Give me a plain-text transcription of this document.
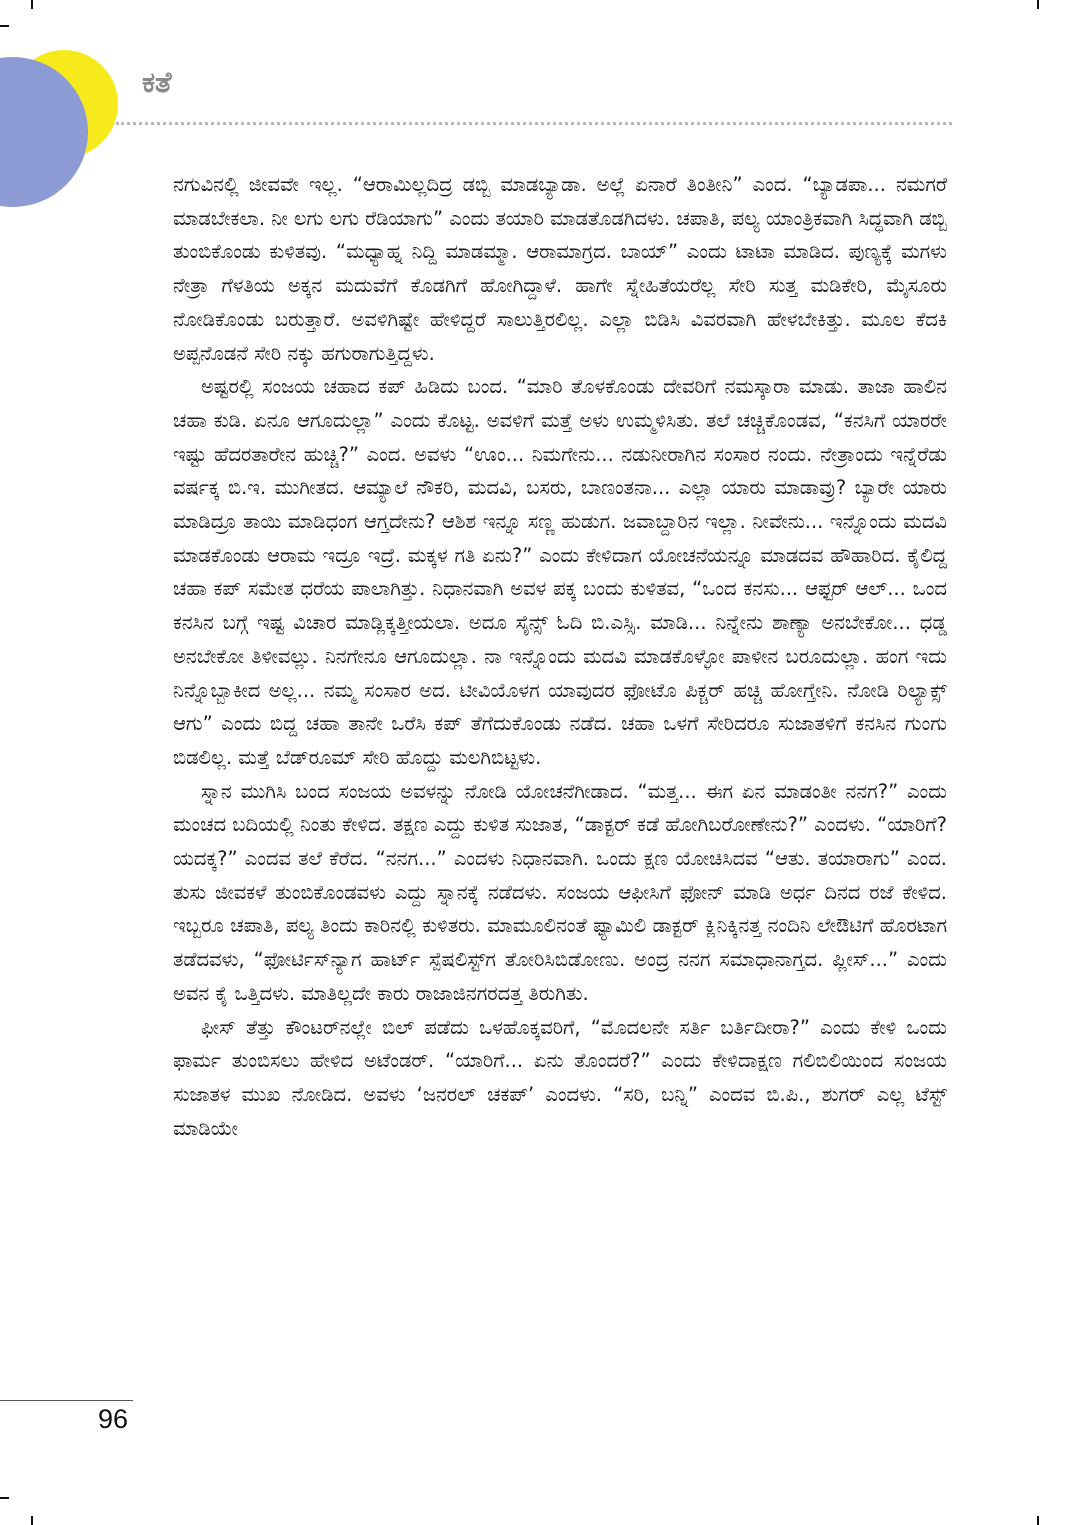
ಕತೆ

ನಗುವಿನಲ್ಲಿ ಜೀವವೇ ಇಲ್ಲ. “ಆರಾಮಿಲ್ಲದಿದ್ರ ಡಬ್ಬಿ ಮಾಡಬ್ಯಾಡಾ. ಅಲ್ಲೆ ಏನಾರೆ ತಿಂತೀನಿ” ಎಂದ. “ಬ್ಯಾಡಪಾ... ನಮಗರೆ ಮಾಡಬೇಕಲಾ. ನೀ ಲಗು ಲಗು ರೆಡಿಯಾಗು” ಎಂದು ತಯಾರಿ ಮಾಡತೊಡಗಿದಳು. ಚಪಾತಿ, ಪಲ್ಯ ಯಾಂತ್ರಿಕವಾಗಿ ಸಿದ್ಧವಾಗಿ ಡಬ್ಬಿ ತುಂಬಿಕೊಂಡು ಕುಳಿತವು. “ಮಧ್ಯಾಹ್ನ ನಿದ್ದಿ ಮಾಡಮ್ಮಾ. ಆರಾಮಾಗ್ರದ. ಬಾಯ್” ಎಂದು ಟಾಟಾ ಮಾಡಿದ. ಪುಣ್ಯಕ್ಕೆ ಮಗಳು ನೇತ್ರಾ ಗೆಳತಿಯ ಅಕ್ಕನ ಮದುವೆಗೆ ಕೊಡಗಿಗೆ ಹೋಗಿದ್ದಾಳೆ. ಹಾಗೇ ಸ್ನೇಹಿತೆಯರೆಲ್ಲ ಸೇರಿ ಸುತ್ತ ಮಡಿಕೇರಿ, ಮೈಸೂರು ನೋಡಿಕೊಂಡು ಬರುತ್ತಾರೆ. ಅವಳಿಗಿಷ್ಟೇ ಹೇಳಿದ್ದರೆ ಸಾಲುತ್ತಿರಲಿಲ್ಲ. ಎಲ್ಲಾ ಬಿಡಿಸಿ ವಿವರವಾಗಿ ಹೇಳಬೇಕಿತ್ತು. ಮೂಲ ಕೆದಕಿ ಅಪ್ಪನೊಡನೆ ಸೇರಿ ನಕ್ಕು ಹಗುರಾಗುತ್ತಿದ್ದಳು.

ಅಷ್ಟರಲ್ಲಿ ಸಂಜಯ ಚಹಾದ ಕಪ್ ಹಿಡಿದು ಬಂದ. “ಮಾರಿ ತೊಳಕೊಂಡು ದೇವರಿಗೆ ನಮಸ್ಕಾರಾ ಮಾಡು. ತಾಜಾ ಹಾಲಿನ ಚಹಾ ಕುಡಿ. ಏನೂ ಆಗೂದುಲ್ಲಾ” ಎಂದು ಕೊಟ್ಟ. ಅವಳಿಗೆ ಮತ್ತೆ ಅಳು ಉಮ್ಮಳಿಸಿತು. ತಲೆ ಚಚ್ಚಿಕೊಂಡವ, “ಕನಸಿಗೆ ಯಾರರೇ ಇಷ್ಟು ಹೆದರತಾರೇನ ಹುಚ್ಚಿ?” ಎಂದ. ಅವಳು “ಊಂ... ನಿಮಗೇನು... ನಡುನೀರಾಗಿನ ಸಂಸಾರ ನಂದು. ನೇತ್ರಾಂದು ಇನ್ನೆರೆಡು ವರ್ಷಕ್ಕ ಬಿ.ಇ. ಮುಗೀತದ. ಆಮ್ಯಾಲೆ ನೌಕರಿ, ಮದವಿ, ಬಸರು, ಬಾಣಂತನಾ... ಎಲ್ಲಾ ಯಾರು ಮಾಡಾವ್ರು? ಬ್ಯಾರೇ ಯಾರು ಮಾಡಿದ್ರೂ ತಾಯಿ ಮಾಡಿಧಂಗ ಆಗ್ತದೇನು? ಆಶಿಶ ಇನ್ನೂ ಸಣ್ಣ ಹುಡುಗ. ಜವಾಬ್ದಾರಿನ ಇಲ್ಲಾ. ನೀವೇನು... ಇನ್ನೊಂದು ಮದವಿ ಮಾಡಕೊಂಡು ಆರಾಮ ಇದ್ರೂ ಇದ್ರೆ. ಮಕ್ಕಳ ಗತಿ ಏನು?” ಎಂದು ಕೇಳಿದಾಗ ಯೋಚನೆಯನ್ನೂ ಮಾಡದವ ಹೌಹಾರಿದ. ಕೈಲಿದ್ದ ಚಹಾ ಕಪ್ ಸಮೇತ ಧರೆಯ ಪಾಲಾಗಿತ್ತು. ನಿಧಾನವಾಗಿ ಅವಳ ಪಕ್ಕ ಬಂದು ಕುಳಿತವ, “ಒಂದ ಕನಸು... ಆಫ್ಟರ್ ಆಲ್... ಒಂದ ಕನಸಿನ ಬಗ್ಗೆ ಇಷ್ಟ ವಿಚಾರ ಮಾಡ್ಲಿಕ್ಕತ್ತೀಯಲಾ. ಅದೂ ಸೈನ್ಸ್ ಓದಿ ಬಿ.ಎಸ್ಸಿ. ಮಾಡಿ... ನಿನ್ನೇನು ಶಾಣ್ಯಾ ಅನಬೇಕೋ... ಧಡ್ಡ ಅನಬೇಕೋ ತಿಳೀವಲ್ಲು. ನಿನಗೇನೂ ಆಗೂದುಲ್ಲಾ. ನಾ ಇನ್ನೊಂದು ಮದವಿ ಮಾಡಕೊಳ್ಳೋ ಪಾಳೀನ ಬರೂದುಲ್ಲಾ. ಹಂಗ ಇದು ನಿನ್ನೊಬ್ಬಾಕೀದ ಅಲ್ಲ... ನಮ್ಮ ಸಂಸಾರ ಅದ. ಟೀವಿಯೊಳಗ ಯಾವುದರ ಫೋಟೊ ಪಿಕ್ಚರ್ ಹಚ್ಚಿ ಹೋಗ್ತೇನಿ. ನೋಡಿ ರಿಲ್ಯಾಕ್ಸ್ ಆಗು” ಎಂದು ಬಿದ್ದ ಚಹಾ ತಾನೇ ಒರೆಸಿ ಕಪ್ ತೆಗೆದುಕೊಂಡು ನಡೆದ. ಚಹಾ ಒಳಗೆ ಸೇರಿದರೂ ಸುಜಾತಳಿಗೆ ಕನಸಿನ ಗುಂಗು ಬಿಡಲಿಲ್ಲ. ಮತ್ತೆ ಬೆಡ್‌ರೂಮ್ ಸೇರಿ ಹೊದ್ದು ಮಲಗಿಬಿಟ್ಟಳು.

ಸ್ನಾನ ಮುಗಿಸಿ ಬಂದ ಸಂಜಯ ಅವಳನ್ನು ನೋಡಿ ಯೋಚನೆಗೀಡಾದ. “ಮತ್ತ... ಈಗ ಏನ ಮಾಡಂತೀ ನನಗ?” ಎಂದು ಮಂಚದ ಬದಿಯಲ್ಲಿ ನಿಂತು ಕೇಳಿದ. ತಕ್ಷಣ ಎದ್ದು ಕುಳಿತ ಸುಜಾತ, “ಡಾಕ್ಟರ್ ಕಡೆ ಹೋಗಿಬರೋಣೇನು?” ಎಂದಳು. “ಯಾರಿಗೆ? ಯದಕ್ಕ?” ಎಂದವ ತಲೆ ಕೆರೆದ. “ನನಗ...” ಎಂದಳು ನಿಧಾನವಾಗಿ. ಒಂದು ಕ್ಷಣ ಯೋಚಿಸಿದವ “ಆತು. ತಯಾರಾಗು” ಎಂದ. ತುಸು ಜೀವಕಳೆ ತುಂಬಿಕೊಂಡವಳು ಎದ್ದು ಸ್ನಾನಕ್ಕೆ ನಡೆದಳು. ಸಂಜಯ ಆಫೀಸಿಗೆ ಫೋನ್ ಮಾಡಿ ಅರ್ಧ ದಿನದ ರಜೆ ಕೇಳಿದ. ಇಬ್ಬರೂ ಚಪಾತಿ, ಪಲ್ಯ ತಿಂದು ಕಾರಿನಲ್ಲಿ ಕುಳಿತರು. ಮಾಮೂಲಿನಂತೆ ಫ್ಯಾಮಿಲಿ ಡಾಕ್ಟರ್ ಕ್ಲಿನಿಕ್ಕಿನತ್ತ ನಂದಿನಿ ಲೇಔಟಿಗೆ ಹೊರಟಾಗ ತಡೆದವಳು, “ಫೋರ್ಟಿಸ್‌ನ್ಯಾಗ ಹಾರ್ಟ್ ಸ್ಪೆಷಲಿಸ್ಟ್‌ಗ ತೋರಿಸಿಬಿಡೋಣು. ಅಂದ್ರ ನನಗ ಸಮಾಧಾನಾಗ್ತದ. ಪ್ಲೀಸ್...” ಎಂದು ಅವನ ಕೈ ಒತ್ತಿದಳು. ಮಾತಿಲ್ಲದೇ ಕಾರು ರಾಜಾಜಿನಗರದತ್ತ ತಿರುಗಿತು.

ಫೀಸ್ ತೆತ್ತು ಕೌಂಟರ್‌ನಲ್ಲೇ ಬಿಲ್ ಪಡೆದು ಒಳಹೊಕ್ಕವರಿಗೆ, “ಮೊದಲನೇ ಸರ್ತಿ ಬರ್ತಿದೀರಾ?” ಎಂದು ಕೇಳಿ ಒಂದು ಫಾರ್ಮ ತುಂಬಿಸಲು ಹೇಳಿದ ಅಟೆಂಡರ್. “ಯಾರಿಗೆ... ಏನು ತೊಂದರೆ?” ಎಂದು ಕೇಳಿದಾಕ್ಷಣ ಗಲಿಬಿಲಿಯಿಂದ ಸಂಜಯ ಸುಜಾತಳ ಮುಖ ನೋಡಿದ. ಅವಳು ‘ಜನರಲ್ ಚಕಪ್’ ಎಂದಳು. “ಸರಿ, ಬನ್ನಿ” ಎಂದವ ಬಿ.ಪಿ., ಶುಗರ್ ಎಲ್ಲ ಟೆಸ್ಟ್ ಮಾಡಿಯೇ

96
